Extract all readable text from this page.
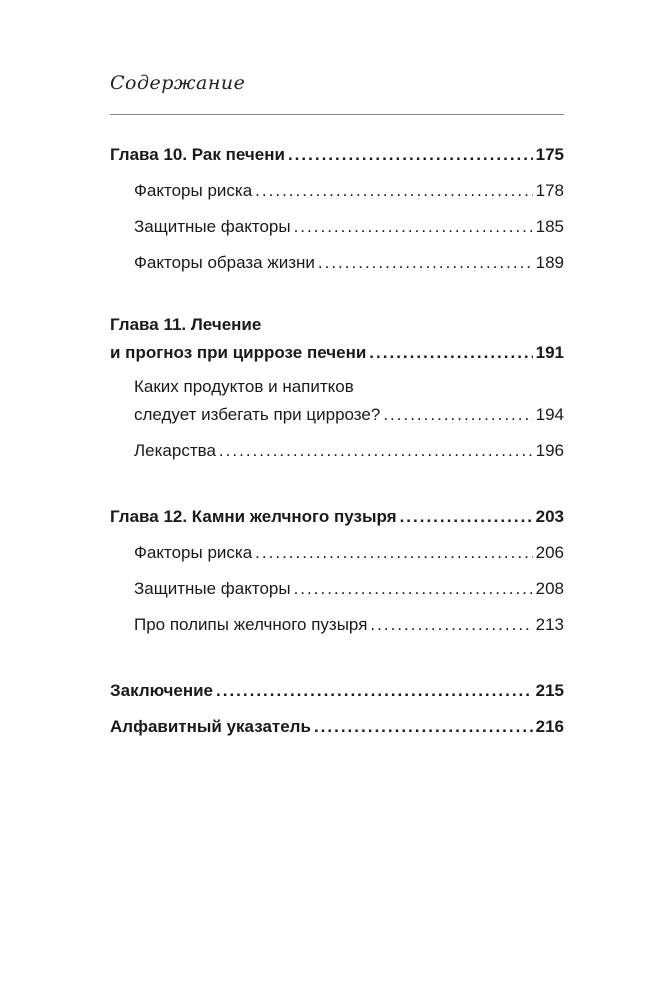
Содержание
Глава 10. Рак печени .....	175
Факторы риска .....	178
Защитные факторы .....	185
Факторы образа жизни .....	189
Глава 11. Лечение
и прогноз при циррозе печени .....	191
Каких продуктов и напитков
следует избегать при циррозе? .....	194
Лекарства .....	196
Глава 12. Камни желчного пузыря .....	203
Факторы риска .....	206
Защитные факторы .....	208
Про полипы желчного пузыря .....	213
Заключение .....	215
Алфавитный указатель .....	216
